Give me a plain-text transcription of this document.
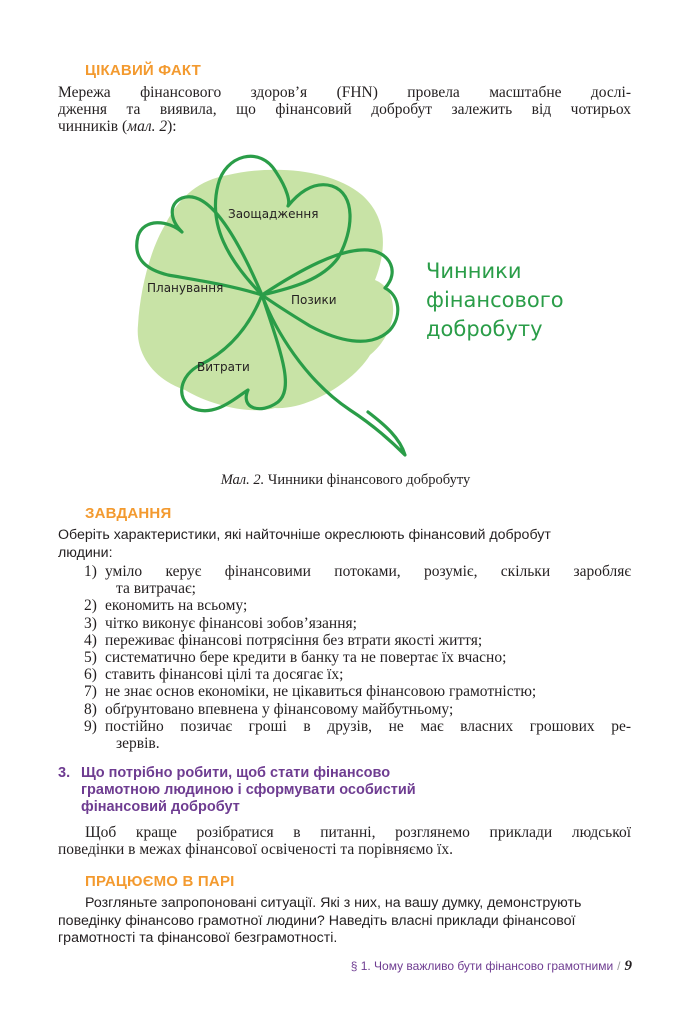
ЦІКАВИЙ ФАКТ
Мережа фінансового здоров’я (FHN) провела масштабне дослі-
дження та виявила, що фінансовий добробут залежить від чотирьох
чинників (мал. 2):
Заощадження
Планування
Позики
Витрати
Чинники
фінансового
добробуту
Мал. 2. Чинники фінансового добробуту
ЗАВДАННЯ
Оберіть характеристики, які найточніше окреслюють фінансовий добробут
людини:
1) уміло керує фінансовими потоками, розуміє, скільки заробляє
та витрачає;
2) економить на всьому;
3) чітко виконує фінансові зобов’язання;
4) переживає фінансові потрясіння без втрати якості життя;
5) систематично бере кредити в банку та не повертає їх вчасно;
6) ставить фінансові цілі та досягає їх;
7) не знає основ економіки, не цікавиться фінансовою грамотністю;
8) обґрунтовано впевнена у фінансовому майбутньому;
9) постійно позичає гроші в друзів, не має власних грошових ре-
зервів.
3. Що потрібно робити, щоб стати фінансово
грамотною людиною і сформувати особистий
фінансовий добробут
Щоб краще розібратися в питанні, розглянемо приклади людської
поведінки в межах фінансової освіченості та порівняємо їх.
ПРАЦЮЄМО В ПАРІ
Розгляньте запропоновані ситуації. Які з них, на вашу думку, демонструють
поведінку фінансово грамотної людини? Наведіть власні приклади фінансової
грамотності та фінансової безграмотності.
§ 1. Чому важливо бути фінансово грамотними / 9
